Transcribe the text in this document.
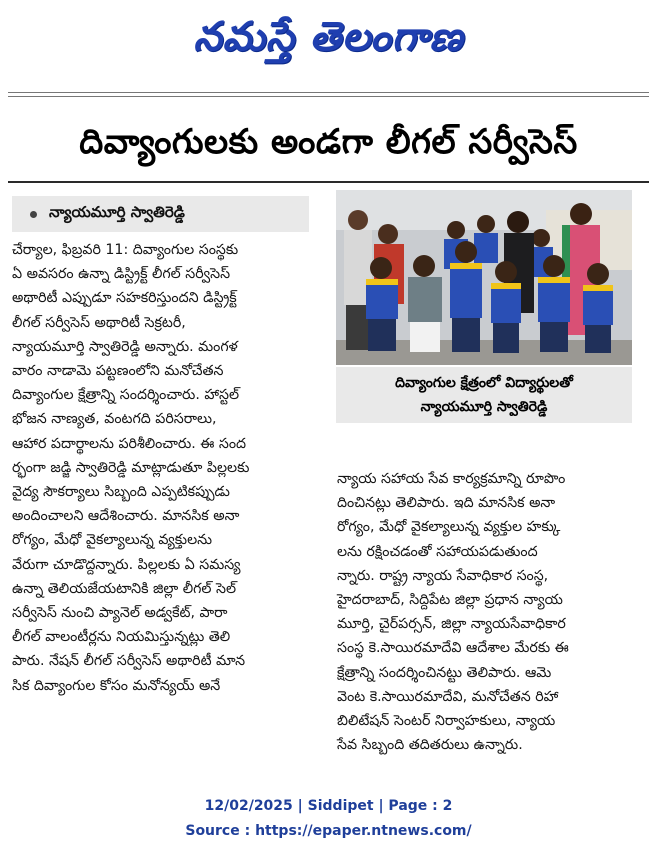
నమస్తే తెలంగాణ
దివ్యాంగులకు అండగా లీగల్ సర్వీసెస్
న్యాయమూర్తి స్వాతిరెడ్డి

చేర్యాల, ఫిబ్రవరి 11: దివ్యాంగుల సంస్థకు

ఏ అవసరం ఉన్నా డిస్ట్రిక్ట్ లీగల్ సర్వీసెస్

అథారిటీ ఎప్పుడూ సహకరిస్తుందని డిస్ట్రిక్ట్

లీగల్ సర్వీసెస్ అథారిటీ సెక్రటరీ,

న్యాయమూర్తి స్వాతిరెడ్డి అన్నారు. మంగళ

వారం నాడామె పట్టణంలోని మనోచేతన

దివ్యాంగుల క్షేత్రాన్ని సందర్శించారు. హాస్టల్

భోజన నాణ్యత, వంటగది పరిసరాలు,

ఆహార పదార్థాలను పరిశీలించారు. ఈ సంద

ర్భంగా జడ్జి స్వాతిరెడ్డి మాట్లాడుతూ పిల్లలకు

వైద్య సౌకర్యాలు సిబ్బంది ఎప్పటికప్పుడు

అందించాలని ఆదేశించారు. మానసిక అనా

రోగ్యం, మేధో వైకల్యాలున్న వ్యక్తులను

వేరుగా చూడొద్దన్నారు. పిల్లలకు ఏ సమస్య

ఉన్నా తెలియజేయటానికి జిల్లా లీగల్ సెల్

సర్వీసెస్ నుంచి ప్యానెల్ అడ్వకేట్, పారా

లీగల్ వాలంటీర్లను నియమిస్తున్నట్లు తెలి

పారు. నేషన్ లీగల్ సర్వీసెస్ అథారిటీ మాన

సిక దివ్యాంగుల కోసం మనోన్యయ్ అనే

దివ్యాంగుల క్షేత్రంలో విద్యార్థులతో
న్యాయమూర్తి స్వాతిరెడ్డి

న్యాయ సహాయ సేవ కార్యక్రమాన్ని రూపొం

దించినట్లు తెలిపారు. ఇది మానసిక అనా

రోగ్యం, మేధో వైకల్యాలున్న వ్యక్తుల హక్కు

లను రక్షించడంతో సహాయపడుతుంద

న్నారు. రాష్ట్ర న్యాయ సేవాధికార సంస్థ,

హైదరాబాద్, సిద్దిపేట జిల్లా ప్రధాన న్యాయ

మూర్తి, చైర్‌పర్సన్, జిల్లా న్యాయసేవాధికార

సంస్థ కె.సాయిరమాదేవి ఆదేశాల మేరకు ఈ

క్షేత్రాన్ని సందర్శించినట్టు తెలిపారు. ఆమె

వెంట కె.సాయిరమాదేవి, మనోచేతన రిహా

బిలిటేషన్ సెంటర్ నిర్వాహకులు, న్యాయ

సేవ సిబ్బంది తదితరులు ఉన్నారు.

12/02/2025 | Siddipet | Page : 2
Source : https://epaper.ntnews.com/
